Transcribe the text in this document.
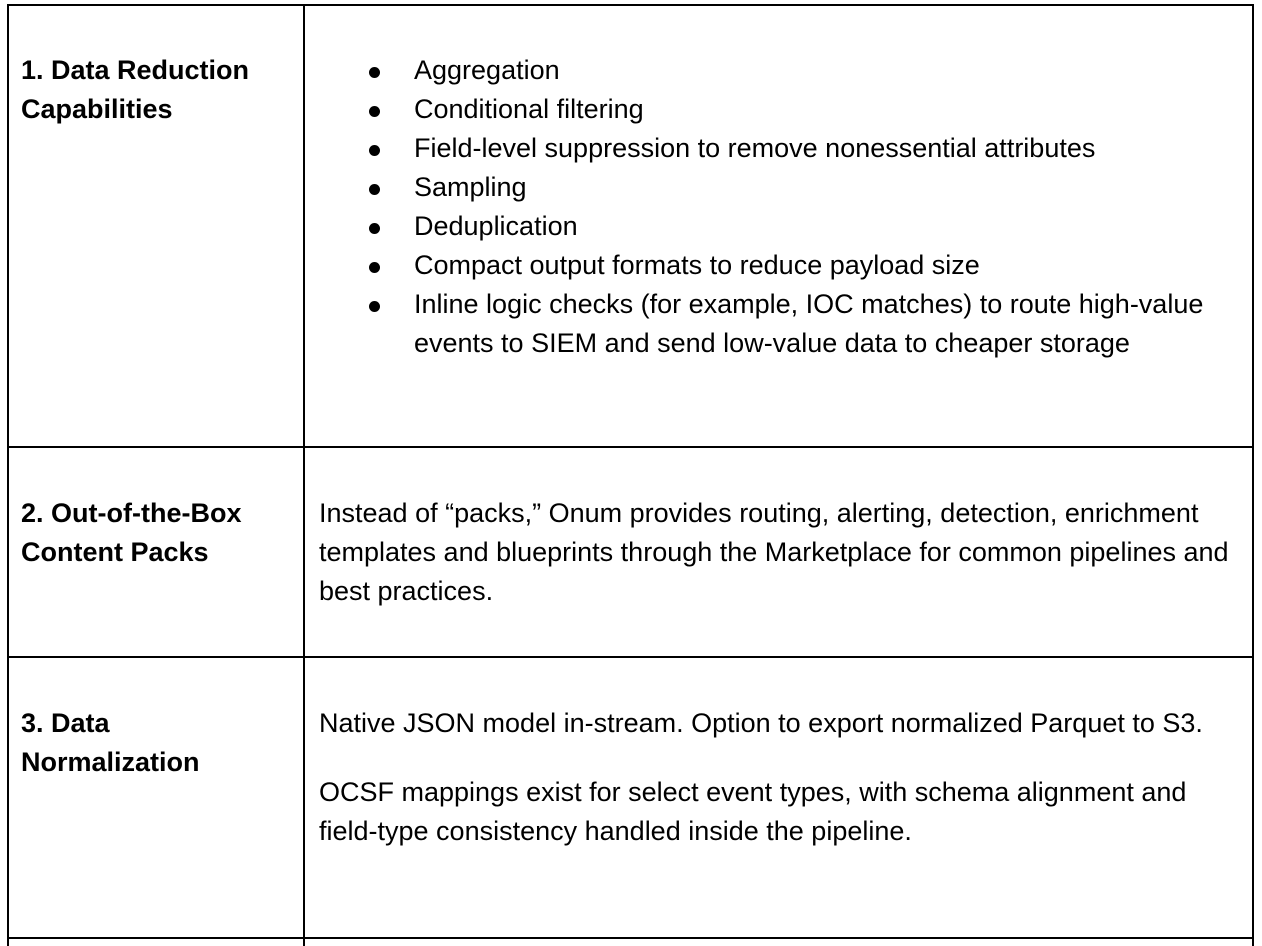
1. Data Reduction
Capabilities
Aggregation
Conditional filtering
Field-level suppression to remove nonessential attributes
Sampling
Deduplication
Compact output formats to reduce payload size
Inline logic checks (for example, IOC matches) to route high-value events to SIEM and send low-value data to cheaper storage
2. Out-of-the-Box
Content Packs

Instead of “packs,” Onum provides routing, alerting, detection, enrichment templates and blueprints through the Marketplace for common pipelines and best practices.

3. Data
Normalization

Native JSON model in-stream. Option to export normalized Parquet to S3.

OCSF mappings exist for select event types, with schema alignment and field-type consistency handled inside the pipeline.
